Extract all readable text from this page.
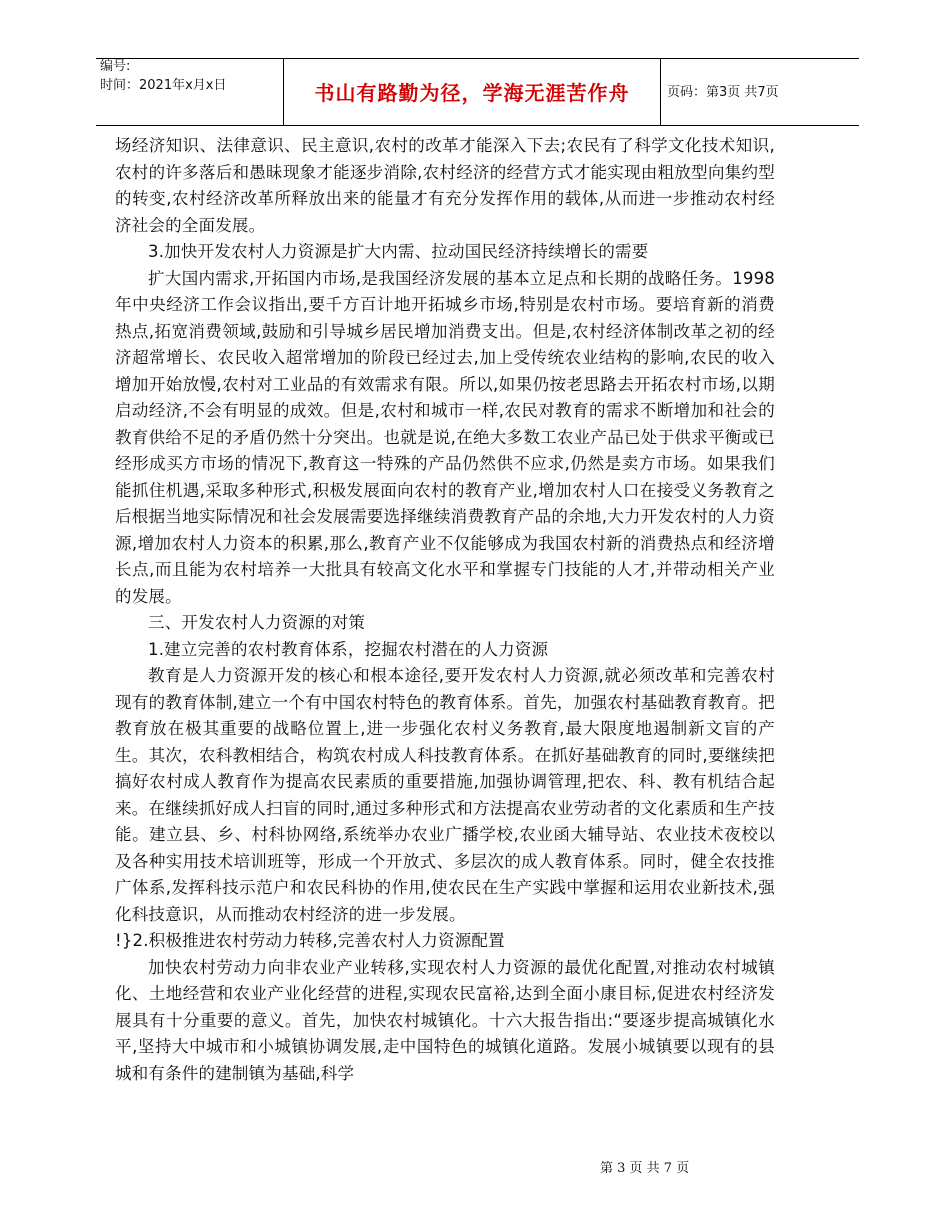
编号:
时间：2021年x月x日	书山有路勤为径，学海无涯苦作舟	页码：第3页 共7页

场经济知识、法律意识、民主意识,农村的改革才能深入下去;农民有了科学文化技术知识,农村的许多落后和愚昧现象才能逐步消除,农村经济的经营方式才能实现由粗放型向集约型的转变,农村经济改革所释放出来的能量才有充分发挥作用的载体,从而进一步推动农村经济社会的全面发展。

3.加快开发农村人力资源是扩大内需、拉动国民经济持续增长的需要

扩大国内需求,开拓国内市场,是我国经济发展的基本立足点和长期的战略任务。1998年中央经济工作会议指出,要千方百计地开拓城乡市场,特别是农村市场。要培育新的消费热点,拓宽消费领域,鼓励和引导城乡居民增加消费支出。但是,农村经济体制改革之初的经济超常增长、农民收入超常增加的阶段已经过去,加上受传统农业结构的影响,农民的收入增加开始放慢,农村对工业品的有效需求有限。所以,如果仍按老思路去开拓农村市场,以期启动经济,不会有明显的成效。但是,农村和城市一样,农民对教育的需求不断增加和社会的教育供给不足的矛盾仍然十分突出。也就是说,在绝大多数工农业产品已处于供求平衡或已经形成买方市场的情况下,教育这一特殊的产品仍然供不应求,仍然是卖方市场。如果我们能抓住机遇,采取多种形式,积极发展面向农村的教育产业,增加农村人口在接受义务教育之后根据当地实际情况和社会发展需要选择继续消费教育产品的余地,大力开发农村的人力资源,增加农村人力资本的积累,那么,教育产业不仅能够成为我国农村新的消费热点和经济增长点,而且能为农村培养一大批具有较高文化水平和掌握专门技能的人才,并带动相关产业的发展。

三、开发农村人力资源的对策

1.建立完善的农村教育体系，挖掘农村潜在的人力资源

教育是人力资源开发的核心和根本途径,要开发农村人力资源,就必须改革和完善农村现有的教育体制,建立一个有中国农村特色的教育体系。首先，加强农村基础教育教育。把教育放在极其重要的战略位置上,进一步强化农村义务教育,最大限度地遏制新文盲的产生。其次，农科教相结合，构筑农村成人科技教育体系。在抓好基础教育的同时,要继续把搞好农村成人教育作为提高农民素质的重要措施,加强协调管理,把农、科、教有机结合起来。在继续抓好成人扫盲的同时,通过多种形式和方法提高农业劳动者的文化素质和生产技能。建立县、乡、村科协网络,系统举办农业广播学校,农业函大辅导站、农业技术夜校以及各种实用技术培训班等，形成一个开放式、多层次的成人教育体系。同时，健全农技推广体系,发挥科技示范户和农民科协的作用,使农民在生产实践中掌握和运用农业新技术,强化科技意识，从而推动农村经济的进一步发展。

!}2.积极推进农村劳动力转移,完善农村人力资源配置

加快农村劳动力向非农业产业转移,实现农村人力资源的最优化配置,对推动农村城镇化、土地经营和农业产业化经营的进程,实现农民富裕,达到全面小康目标,促进农村经济发展具有十分重要的意义。首先，加快农村城镇化。十六大报告指出:“要逐步提高城镇化水平,坚持大中城市和小城镇协调发展,走中国特色的城镇化道路。发展小城镇要以现有的县城和有条件的建制镇为基础,科学

第 3 页 共 7 页
